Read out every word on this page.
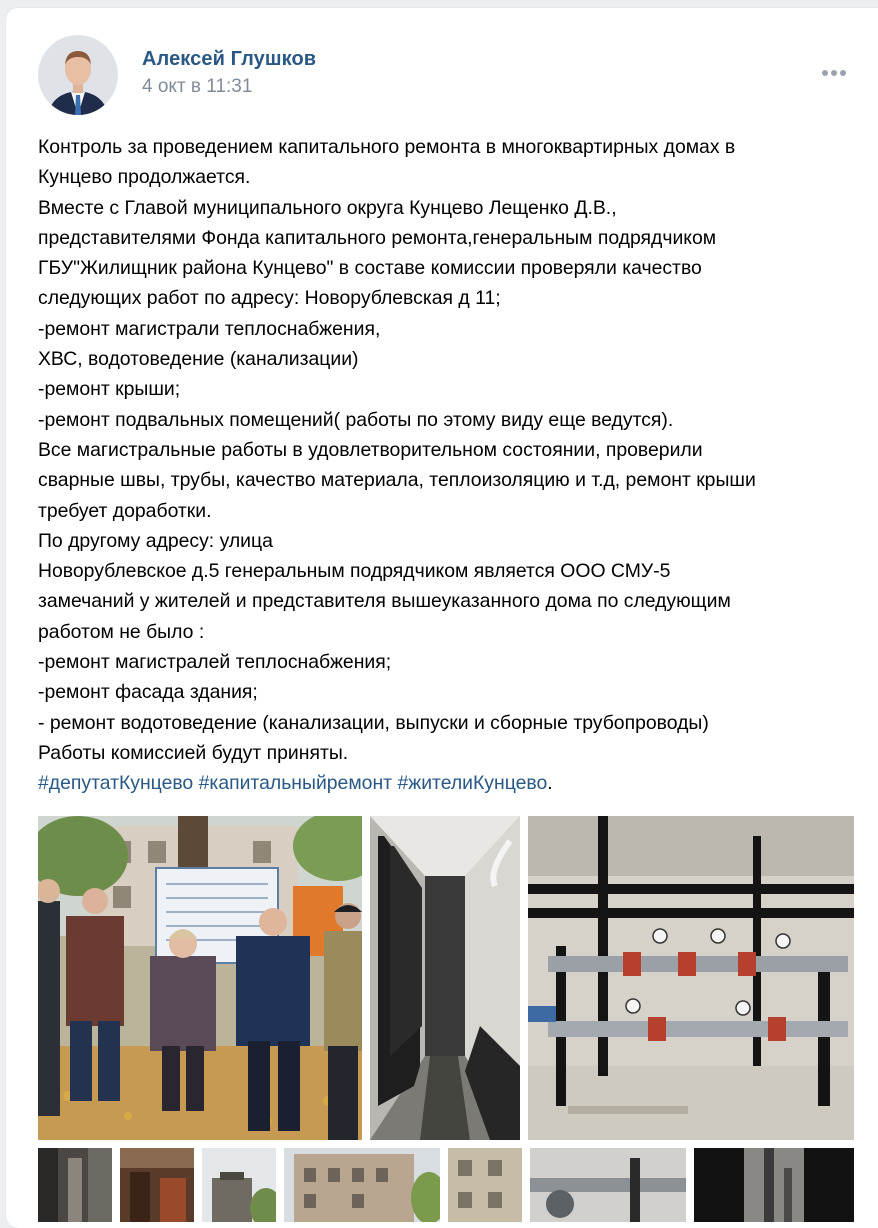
Алексей Глушков
4 окт в 11:31
Контроль за проведением капитального ремонта в многоквартирных домах в
Кунцево продолжается.
Вместе с Главой муниципального округа Кунцево Лещенко Д.В.,
представителями Фонда капитального ремонта,генеральным подрядчиком
ГБУ"Жилищник района Кунцево" в составе комиссии проверяли качество
следующих работ по адресу: Новорублевская д 11;
-ремонт магистрали теплоснабжения,
ХВС, водотоведение (канализации)
-ремонт крыши;
-ремонт подвальных помещений( работы по этому виду еще ведутся).
Все магистральные работы в удовлетворительном состоянии, проверили
сварные швы, трубы, качество материала, теплоизоляцию и т.д, ремонт крыши
требует доработки.
По другому адресу: улица
Новорублевское д.5 генеральным подрядчиком является ООО СМУ-5
замечаний у жителей и представителя вышеуказанного дома по следующим
работом не было :
-ремонт магистралей теплоснабжения;
-ремонт фасада здания;
- ремонт водотоведение (канализации, выпуски и сборные трубопроводы)
Работы комиссией будут приняты.
#депутатКунцево #капитальныйремонт #жителиКунцево.
